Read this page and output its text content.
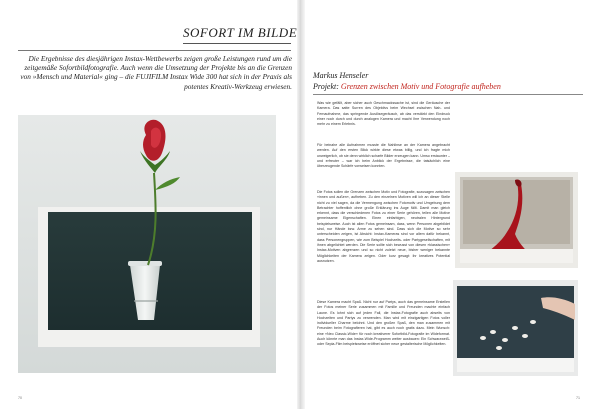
SOFORT IM BILDE
Die Ergebnisse des diesjährigen Instax-Wettbewerbs zeigen große Leistungen rund um die zeitgemäße Sofortbildfotografie. Auch wenn die Umsetzung der Projekte bis an die Grenzen von »Mensch und Material« ging – die FUJIFILM Instax Wide 300 hat sich in der Praxis als potentes Kreativ-Werkzeug erwiesen.
70
Markus Henseler
Projekt: Grenzen zwischen Motiv und Fotografie aufheben
Was wie gefällt, aber sicher auch Geschmackssache ist, sind die Geräusche der Kamera. Das satte Surren des Objektivs beim Wechsel zwischen Nah- und Fernaufnahme, das springende Auslösegeräusch, ab das verstärkt den Eindruck einer noch durch und durch analogen Kamera und macht Ihre Verwendung noch mehr zu einem Erlebnis.
Für beinahe alle Aufnahmen musste die Nahlinse an der Kamera angebracht werden. Auf den ersten Blick wirkte diese etwas billig, und ich fragte mich unweigerlich, ob sie denn wirklich scharfe Bilder erzeugen kann. Umso erstaunter – und erfreuter – war ich beim Anblick der Ergebnisse, die tatsächlich eine überzeugende Schärfe vorweisen konnten.
Die Fotos sollen die Grenzen zwischen Motiv und Fotografie, sozusagen zwischen »innen und außen«, aufheben. Zu den einzelnen Motiven will ich an dieser Stelle nicht zu viel sagen, da die Vermengung zwischen Fotomotiv und Umgebung dem Betrachter hoffentlich ohne große Erklärung ins Auge fällt. Damit man gleich erkennt, dass die verschiedenen Fotos zu einer Serie gehören, teilen alle Motive gemeinsame Eigenschaften. Einen einfarbigen, neutralen Hintergrund beispielsweise. Auch ist allen Fotos gemeinsam, dass, wenn Personen abgebildet sind, nur Hände bzw. Arme zu sehen sind. Dass sich die Motive so sehr unterscheiden zeigen, ist Absicht: Instax-Kameras sind vor allem dafür bekannt, dass Personengruppen, wie zum Beispiel Hochzeits- oder Partygesellschaften, mit ihnen abgelichtet werden. Die Serie sollte sich bewusst von diesen »klassischen« Instax-Motiven abgrenzen und so nicht zuletzt neue, bisher weniger bekannte Möglichkeiten der Kamera zeigen. Oder kurz gesagt: ihr kreatives Potential ausnutzen.
Diese Kamera macht Spaß. Nicht nur auf Partys, auch das gemeinsame Erstellen der Fotos meiner Serie zusammen mit Familie und Freunden machte einfach Laune. Es lohnt sich auf jeden Fall, die Instax-Fotografie auch abseits von Hochzeiten und Partys zu verwenden. Man wird mit einzigartigen Fotos voller individueller Charme belohnt. Und den großen Spaß, den man zusammen mit Freunden beim Fotografieren hat, gibt es auch noch gratis dazu. Mein Wunsch: eine »Neo Classic-Wide« für noch kreativerer Sofortbild-Fotografie im Wideformat. Auch könnte man das Instax-Wide-Programm weiter ausbauen: Ein Schwarzweiß- oder Sepia-Film beispielsweise eröffnet sicher neue gestalterische Möglichkeiten.
71
